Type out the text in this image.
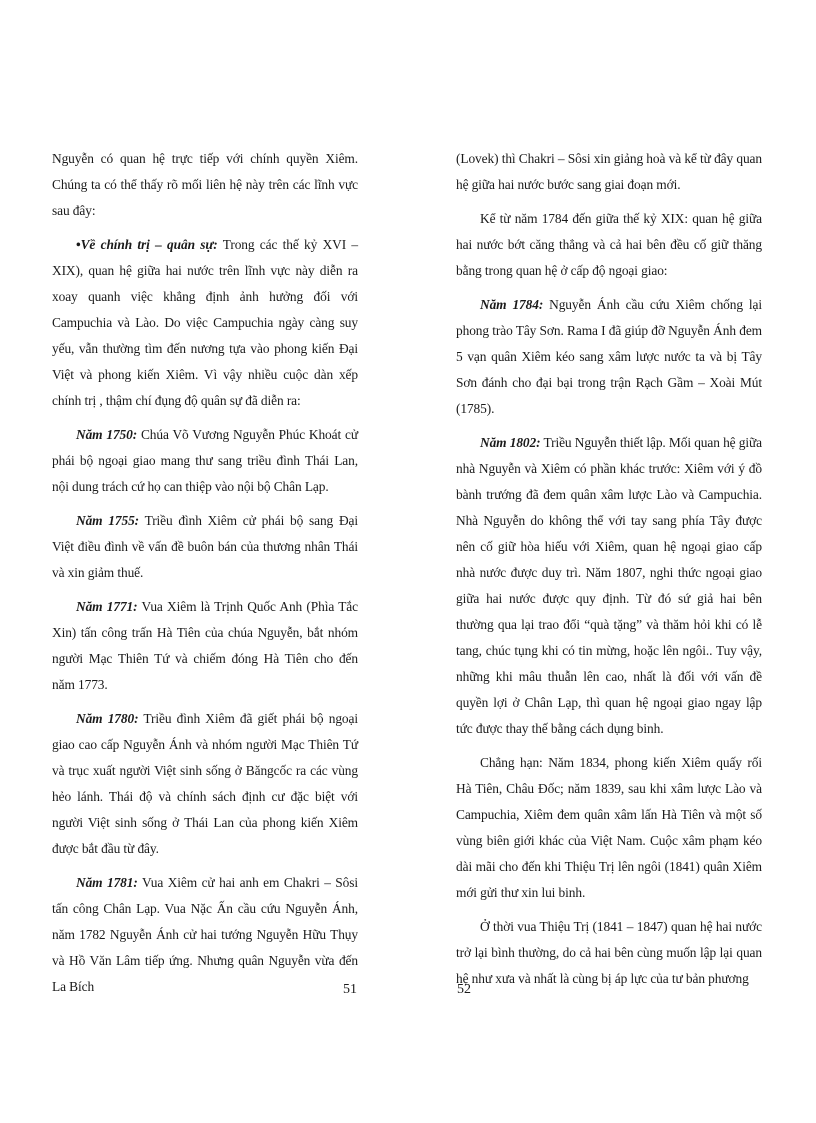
Nguyễn có quan hệ trực tiếp với chính quyền Xiêm. Chúng ta có thể thấy rõ mối liên hệ này trên các lĩnh vực sau đây:

•Về chính trị – quân sự: Trong các thế kỷ XVI – XIX), quan hệ giữa hai nước trên lĩnh vực này diễn ra xoay quanh việc khẳng định ảnh hưởng đối với Campuchia và Lào. Do việc Campuchia ngày càng suy yếu, vẫn thường tìm đến nương tựa vào phong kiến Đại Việt và phong kiến Xiêm. Vì vậy nhiều cuộc dàn xếp chính trị , thậm chí đụng độ quân sự đã diễn ra:

Năm 1750: Chúa Võ Vương Nguyễn Phúc Khoát cử phái bộ ngoại giao mang thư sang triều đình Thái Lan, nội dung trách cứ họ can thiệp vào nội bộ Chân Lạp.

Năm 1755: Triều đình Xiêm cử phái bộ sang Đại Việt điều đình về vấn đề buôn bán của thương nhân Thái và xin giảm thuế.

Năm 1771: Vua Xiêm là Trịnh Quốc Anh (Phìa Tắc Xin) tấn công trấn Hà Tiên của chúa Nguyễn, bắt nhóm người Mạc Thiên Tứ và chiếm đóng Hà Tiên cho đến năm 1773.

Năm 1780: Triều đình Xiêm đã giết phái bộ ngoại giao cao cấp Nguyễn Ánh và nhóm người Mạc Thiên Tứ và trục xuất người Việt sinh sống ở Băngcốc ra các vùng hẻo lánh. Thái độ và chính sách định cư đặc biệt với người Việt sinh sống ở Thái Lan của phong kiến Xiêm được bắt đầu từ đây.

Năm 1781: Vua Xiêm cử hai anh em Chakri – Sôsi tấn công Chân Lạp. Vua Nặc Ấn cầu cứu Nguyễn Ánh, năm 1782 Nguyễn Ánh cử hai tướng Nguyễn Hữu Thụy và Hồ Văn Lâm tiếp ứng. Nhưng quân Nguyễn vừa đến La Bích

(Lovek) thì Chakri – Sôsi xin giảng hoà và kể từ đây quan hệ giữa hai nước bước sang giai đoạn mới.

Kể từ năm 1784 đến giữa thế kỷ XIX: quan hệ giữa hai nước bớt căng thẳng và cả hai bên đều cố giữ thăng bằng trong quan hệ ở cấp độ ngoại giao:

Năm 1784: Nguyễn Ánh cầu cứu Xiêm chống lại phong trào Tây Sơn. Rama I đã giúp đỡ Nguyễn Ánh đem 5 vạn quân Xiêm kéo sang xâm lược nước ta và bị Tây Sơn đánh cho đại bại trong trận Rạch Gầm – Xoài Mút (1785).

Năm 1802: Triều Nguyễn thiết lập. Mối quan hệ giữa nhà Nguyễn và Xiêm có phần khác trước: Xiêm với ý đồ bành trướng đã đem quân xâm lược Lào và Campuchia. Nhà Nguyễn do không thể với tay sang phía Tây được nên cố giữ hòa hiếu với Xiêm, quan hệ ngoại giao cấp nhà nước được duy trì. Năm 1807, nghi thức ngoại giao giữa hai nước được quy định. Từ đó sứ giả hai bên thường qua lại trao đổi “quà tặng” và thăm hỏi khi có lễ tang, chúc tụng khi có tin mừng, hoặc lên ngôi.. Tuy vậy, những khi mâu thuẫn lên cao, nhất là đối với vấn đề quyền lợi ở Chân Lạp, thì quan hệ ngoại giao ngay lập tức được thay thế bằng cách dụng binh.

Chẳng hạn: Năm 1834, phong kiến Xiêm quấy rối Hà Tiên, Châu Đốc; năm 1839, sau khi xâm lược Lào và Campuchia, Xiêm đem quân xâm lấn Hà Tiên và một số vùng biên giới khác của Việt Nam. Cuộc xâm phạm kéo dài mãi cho đến khi Thiệu Trị lên ngôi (1841) quân Xiêm mới gửi thư xin lui binh.

Ở thời vua Thiệu Trị (1841 – 1847) quan hệ hai nước trở lại bình thường, do cả hai bên cùng muốn lập lại quan hệ như xưa và nhất là cùng bị áp lực của tư bản phương

51	52
